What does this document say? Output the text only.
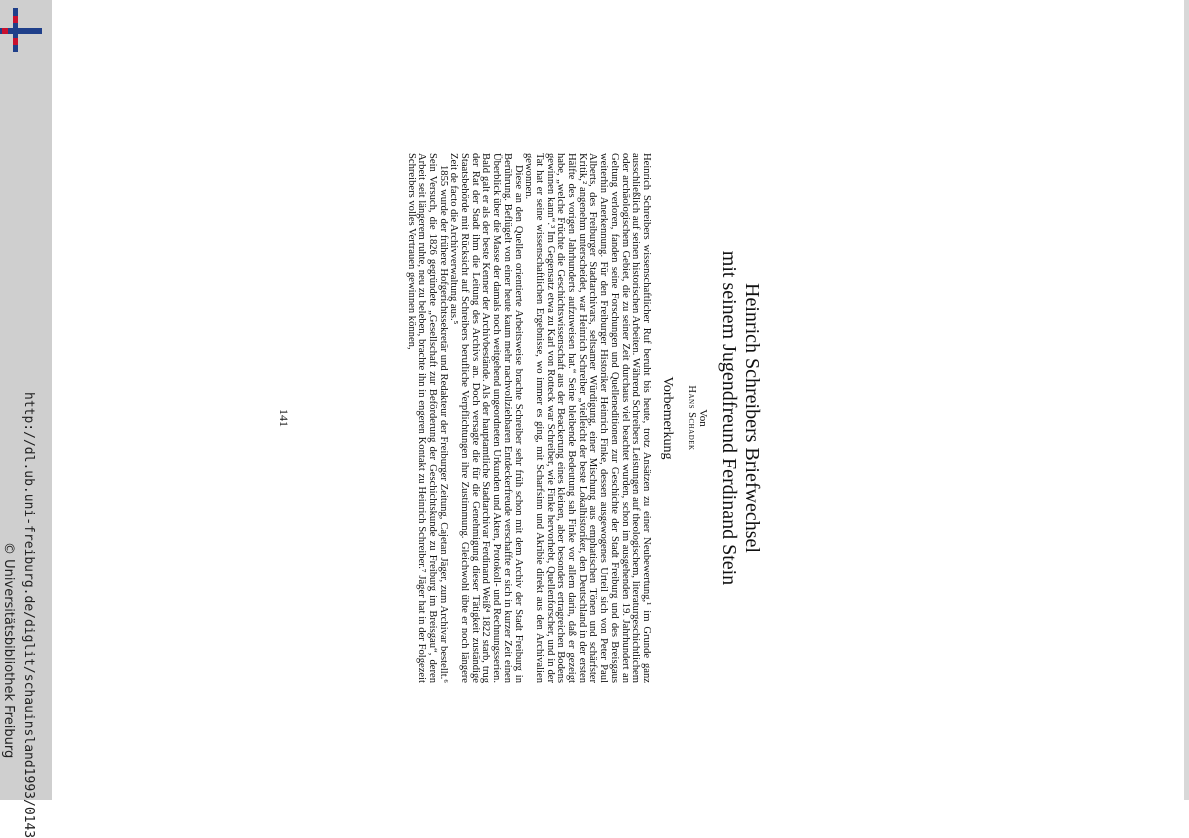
http://dl.ub.uni-freiburg.de/diglit/schauinsland1993/0143
© Universitätsbibliothek Freiburg
Heinrich Schreibers Briefwechsel
mit seinem Jugendfreund Ferdinand Stein
Von
Hans Schadek
Vorbemerkung

Heinrich Schreibers wissenschaftlicher Ruf beruht bis heute, trotz Ansätzen zu einer Neubewertung,¹ im Grunde ganz ausschließlich auf seinen historischen Arbeiten. Während Schreibers Leistungen auf theologischem, literaturgeschichtlichem oder archäologischem Gebiet, die zu seiner Zeit durchaus viel beachtet wurden, schon im ausgehenden 19. Jahrhundert an Geltung verloren, fanden seine Forschungen und Quelleneditionen zur Geschichte der Stadt Freiburg und des Breisgaus weiterhin Anerkennung. Für den Freiburger Historiker Heinrich Finke, dessen ausgewogenes Urteil sich von Peter Paul Alberts, des Freiburger Stadtarchivars, seltsamer Würdigung, einer Mischung aus emphatischen Tönen und schärfster Kritik,² angenehm unterscheidet, war Heinrich Schreiber „vielleicht der beste Lokalhistoriker, den Deutschland in der ersten Hälfte des vorigen Jahrhunderts aufzuweisen hat.“ Seine bleibende Bedeutung sah Finke vor allem darin, daß er gezeigt habe, „welche Früchte die Geschichtswissenschaft aus der Beackerung eines kleinen, aber besonders ertragreichen Bodens gewinnen kann“.³ Im Gegensatz etwa zu Karl von Rotteck war Schreiber, wie Finke hervorhebt, Quellenforscher, und in der Tat hat er seine wissenschaftlichen Ergebnisse, wo immer es ging, mit Scharfsinn und Akribie direkt aus den Archivalien gewonnen.

Diese an den Quellen orientierte Arbeitsweise brachte Schreiber sehr früh schon mit dem Archiv der Stadt Freiburg in Berührung. Beflügelt von einer heute kaum mehr nachvollziehbaren Entdeckerfreude verschaffte er sich in kurzer Zeit einen Überblick über die Masse der damals noch weitgehend ungeordneten Urkunden und Akten, Protokoll- und Rechnungsserien. Bald galt er als der beste Kenner der Archivbestände. Als der hauptamtliche Stadtarchivar Ferdinand Weiß⁴ 1822 starb, trug der Rat der Stadt ihm die Leitung des Archivs an. Doch versagte die für die Genehmigung dieser Tätigkeit zuständige Staatsbehörde mit Rücksicht auf Schreibers berufliche Verpflichtungen ihre Zustimmung. Gleichwohl übte er noch längere Zeit de facto die Archivverwaltung aus.⁵

1855 wurde der frühere Hofgerichtssekretär und Redakteur der Freiburger Zeitung, Cajetan Jäger, zum Archivar bestellt.⁶ Sein Versuch, die 1826 gegründete „Gesellschaft zur Beförderung der Geschichtskunde zu Freiburg im Breisgau“, deren Arbeit seit längerem ruhte, neu zu beleben, brachte ihn in engeren Kontakt zu Heinrich Schreiber.⁷ Jäger hat in der Folgezeit Schreibers volles Vertrauen gewinnen können,

141
